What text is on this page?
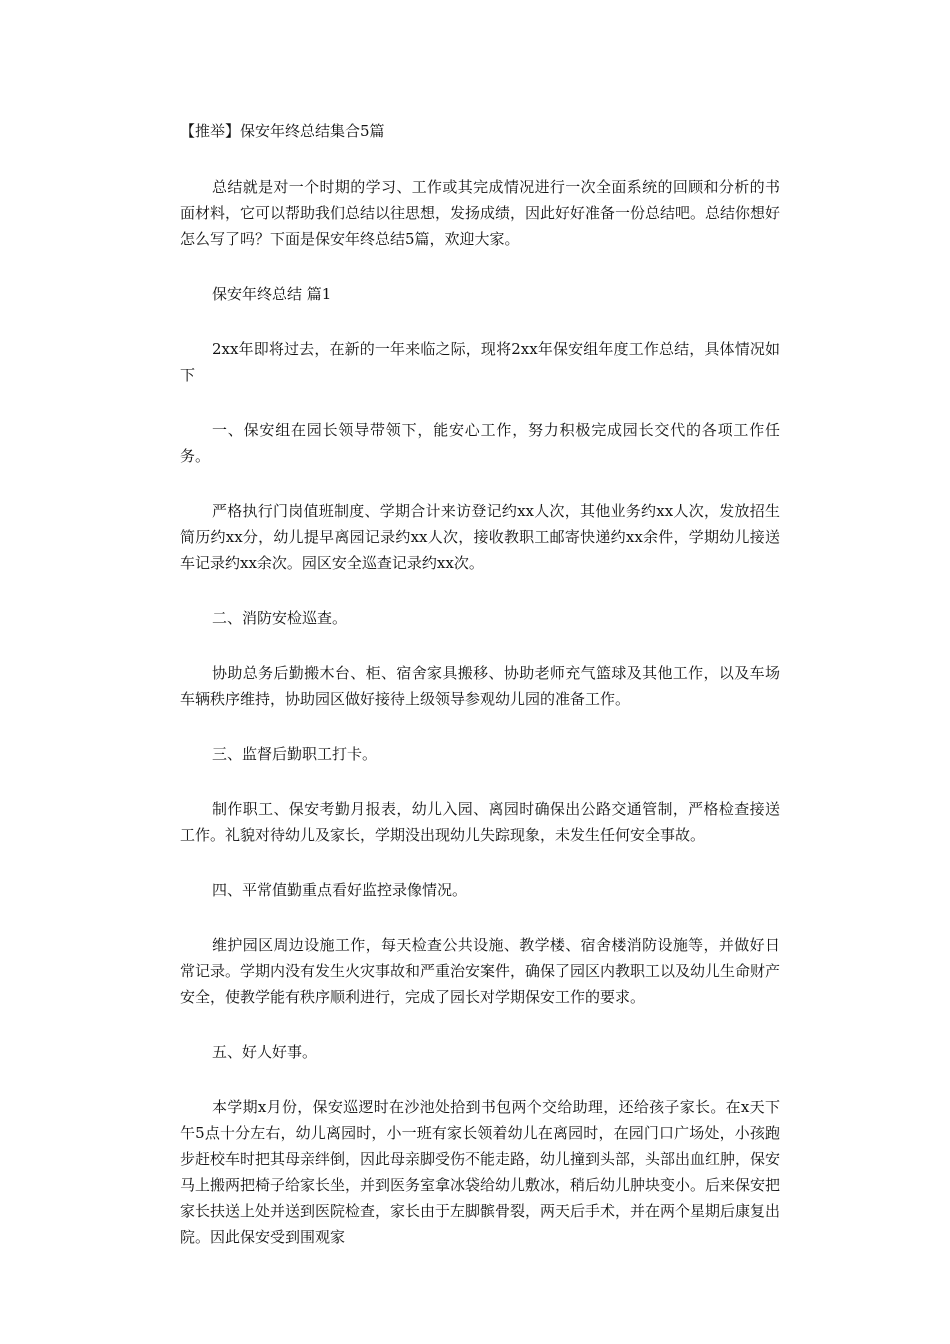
【推举】保安年终总结集合5篇

总结就是对一个时期的学习、工作或其完成情况进行一次全面系统的回顾和分析的书面材料，它可以帮助我们总结以往思想，发扬成绩，因此好好准备一份总结吧。总结你想好怎么写了吗？下面是保安年终总结5篇，欢迎大家。

保安年终总结 篇1

2xx年即将过去，在新的一年来临之际，现将2xx年保安组年度工作总结，具体情况如下

一、保安组在园长领导带领下，能安心工作，努力积极完成园长交代的各项工作任务。

严格执行门岗值班制度、学期合计来访登记约xx人次，其他业务约xx人次，发放招生简历约xx分，幼儿提早离园记录约xx人次，接收教职工邮寄快递约xx余件，学期幼儿接送车记录约xx余次。园区安全巡查记录约xx次。

二、消防安检巡查。

协助总务后勤搬木台、柜、宿舍家具搬移、协助老师充气篮球及其他工作，以及车场车辆秩序维持，协助园区做好接待上级领导参观幼儿园的准备工作。

三、监督后勤职工打卡。

制作职工、保安考勤月报表，幼儿入园、离园时确保出公路交通管制，严格检查接送工作。礼貌对待幼儿及家长，学期没出现幼儿失踪现象，未发生任何安全事故。

四、平常值勤重点看好监控录像情况。

维护园区周边设施工作，每天检查公共设施、教学楼、宿舍楼消防设施等，并做好日常记录。学期内没有发生火灾事故和严重治安案件，确保了园区内教职工以及幼儿生命财产安全，使教学能有秩序顺利进行，完成了园长对学期保安工作的要求。

五、好人好事。

本学期x月份，保安巡逻时在沙池处拾到书包两个交给助理，还给孩子家长。在x天下午5点十分左右，幼儿离园时，小一班有家长领着幼儿在离园时，在园门口广场处，小孩跑步赶校车时把其母亲绊倒，因此母亲脚受伤不能走路，幼儿撞到头部，头部出血红肿，保安马上搬两把椅子给家长坐，并到医务室拿冰袋给幼儿敷冰，稍后幼儿肿块变小。后来保安把家长扶送上处并送到医院检查，家长由于左脚髌骨裂，两天后手术，并在两个星期后康复出院。因此保安受到围观家
